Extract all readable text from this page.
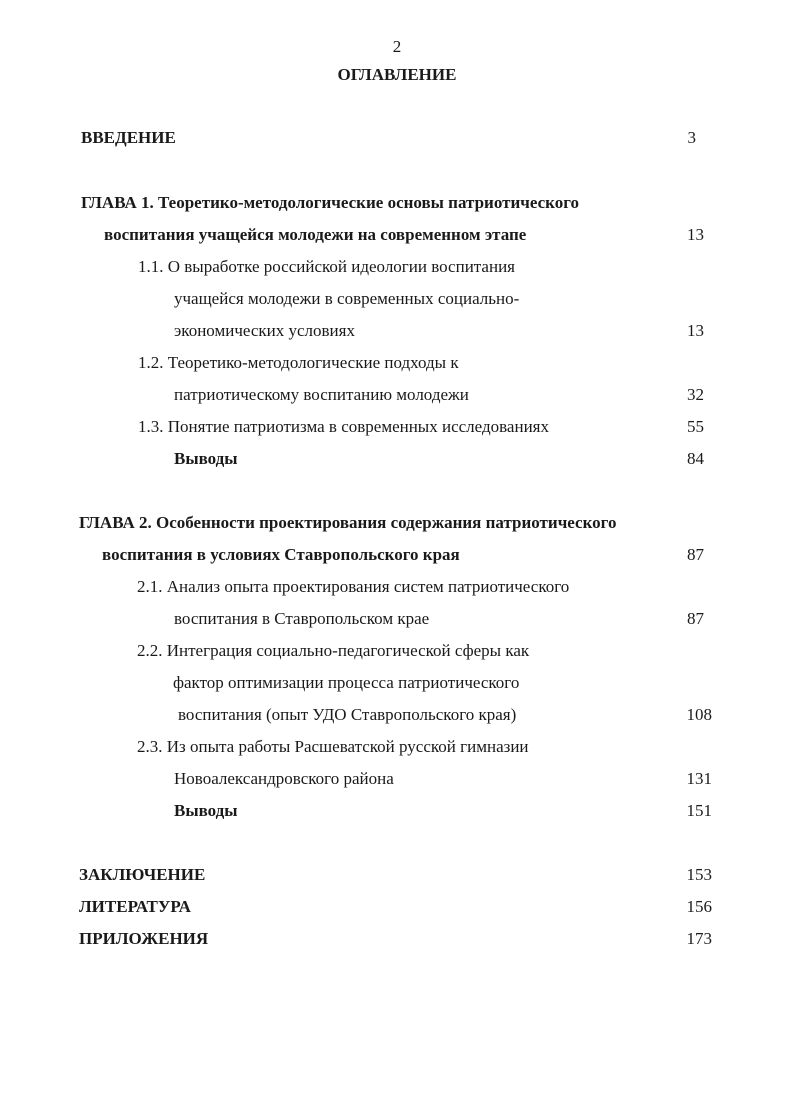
2
ОГЛАВЛЕНИЕ
ВВЕДЕНИЕ	3
ГЛАВА 1. Теоретико-методологические основы патриотического
воспитания учащейся молодежи на современном этапе	13
1.1. О выработке российской идеологии воспитания
учащейся молодежи в современных социально-
экономических условиях	13
1.2. Теоретико-методологические подходы к
патриотическому воспитанию молодежи	32
1.3. Понятие патриотизма в современных исследованиях	55
Выводы	84
ГЛАВА 2. Особенности проектирования содержания патриотического
воспитания в условиях Ставропольского края	87
2.1. Анализ опыта проектирования систем патриотического
воспитания в Ставропольском крае	87
2.2. Интеграция социально-педагогической сферы как
фактор оптимизации процесса патриотического
воспитания (опыт УДО Ставропольского края)	108
2.3. Из опыта работы Расшеватской русской гимназии
Новоалександровского района	131
Выводы	151
ЗАКЛЮЧЕНИЕ	153
ЛИТЕРАТУРА	156
ПРИЛОЖЕНИЯ	173
